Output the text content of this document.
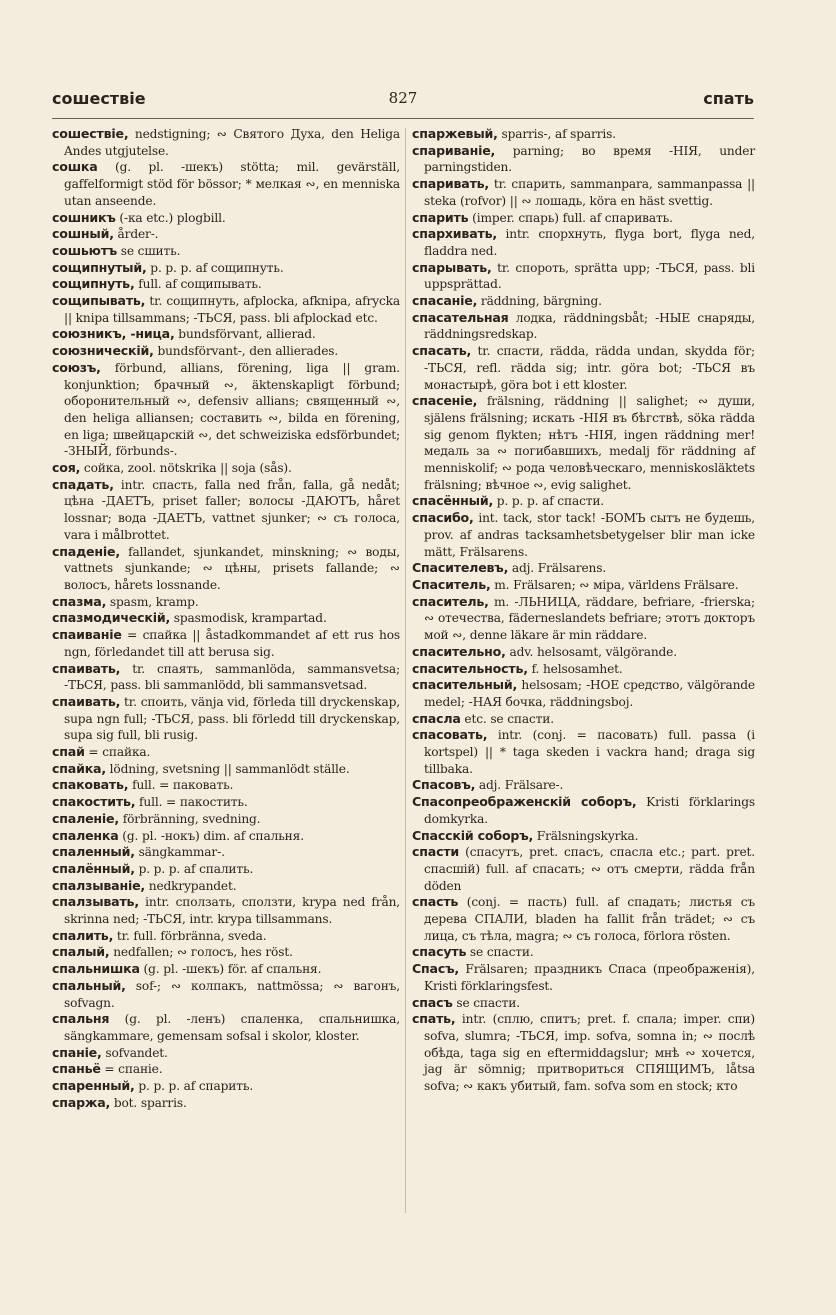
сошествіе	827	спать

сошествіе, nedstigning; ∾ Святого Духа, den Heliga Andes utgjutelse.

сошка (g. pl. -шекъ) stötta; mil. gevärställ, gaffelformigt stöd för bössor; * мелкая ∾, en menniska utan anseende.

сошникъ (-ка etc.) plogbill.

сошный, årder-.

сошьютъ se сшить.

сощипнутый, p. p. p. af сощипнуть.

сощипнуть, full. af сощипывать.

сощипывать, tr. сощипнуть, afplocka, afknipa, afrycka || knipa tillsammans; -ТЬСЯ, pass. bli afplockad etc.

союзникъ, -ница, bundsförvant, allierad.

союзническій, bundsförvant-, den allierades.

союзъ, förbund, allians, förening, liga || gram. konjunktion; брачный ∾, äktenskapligt förbund; оборонительный ∾, defensiv allians; священный ∾, den heliga alliansen; составить ∾, bilda en förening, en liga; швейцарскій ∾, det schweiziska edsförbundet; -ЗНЫЙ, förbunds-.

соя, сойка, zool. nötskrika || soja (sås).

спадать, intr. спасть, falla ned från, falla, gå nedåt; цѣна -ДАЕТЪ, priset faller; волосы -ДАЮТЪ, håret lossnar; вода -ДАЕТЪ, vattnet sjunker; ∾ съ голоса, vara i målbrottet.

спаденіе, fallandet, sjunkandet, minskning; ∾ воды, vattnets sjunkande; ∾ цѣны, prisets fallande; ∾ волосъ, hårets lossnande.

спазма, spasm, kramp.

спазмодическій, spasmodisk, krampartad.

спаиваніе = спайка || åstadkommandet af ett rus hos ngn, förledandet till att berusa sig.

спаивать, tr. спаять, sammanlöda, sammansvetsa; -ТЬСЯ, pass. bli sammanlödd, bli sammansvetsad.

спаивать, tr. споить, vänja vid, förleda till dryckenskap, supa ngn full; -ТЬСЯ, pass. bli förledd till dryckenskap, supa sig full, bli rusig.

спай = спайка.

спайка, lödning, svetsning || sammanlödt ställe.

спаковать, full. = паковать.

спакостить, full. = пакостить.

спаленіе, förbränning, svedning.

спаленка (g. pl. -нокъ) dim. af спальня.

спаленный, sängkammar-.

спалённый, p. p. p. af спалить.

спалзываніе, nedkrypandet.

спалзывать, intr. сползать, сползти, krypa ned från, skrinna ned; -ТЬСЯ, intr. krypa tillsammans.

спалить, tr. full. förbränna, sveda.

спалый, nedfallen; ∾ голосъ, hes röst.

спальнишка (g. pl. -шекъ) för. af спальня.

спальный, sof-; ∾ колпакъ, nattmössa; ∾ вагонъ, sofvagn.

спальня (g. pl. -ленъ) спаленка, спальнишка, sängkammare, gemensam sofsal i skolor, kloster.

спаніе, sofvandet.

спаньё = спаніе.

спаренный, p. p. p. af спарить.

спаржа, bot. sparris.

спаржевый, sparris-, af sparris.

спариваніе, parning; во время -НІЯ, under parningstiden.

спаривать, tr. спарить, sammanpara, sammanpassa || steka (rofvor) || ∾ лошадь, köra en häst svettig.

спарить (imper. спарь) full. af спаривать.

спархивать, intr. спорхнуть, flyga bort, flyga ned, fladdra ned.

спарывать, tr. спороть, sprätta upp; -ТЬСЯ, pass. bli uppsprättad.

спасаніе, räddning, bärgning.

спасательная лодка, räddningsbåt; -НЫЕ снаряды, räddningsredskap.

спасать, tr. спасти, rädda, rädda undan, skydda för; -ТЬСЯ, refl. rädda sig; intr. göra bot; -ТЬСЯ въ монастырѣ, göra bot i ett kloster.

спасеніе, frälsning, räddning || salighet; ∾ души, själens frälsning; искать -НІЯ въ бѣгствѣ, söka rädda sig genom flykten; нѣтъ -НІЯ, ingen räddning mer! медаль за ∾ погибавшихъ, medalj för räddning af menniskolif; ∾ рода человѣческаго, menniskosläktets frälsning; вѣчное ∾, evig salighet.

спасённый, p. p. p. af спасти.

спасибо, int. tack, stor tack! -БОМЪ сытъ не будешь, prov. af andras tacksamhetsbetygelser blir man icke mätt, Frälsarens.

Спасителевъ, adj. Frälsarens.

Спаситель, m. Frälsaren; ∾ міра, världens Frälsare.

спаситель, m. -ЛЬНИЦА, räddare, befriare, -frierska; ∾ отечества, fäderneslandets befriare; этотъ докторъ мой ∾, denne läkare är min räddare.

спасительно, adv. helsosamt, välgörande.

спасительность, f. helsosamhet.

спасительный, helsosam; -НОЕ средство, välgörande medel; -НАЯ бочка, räddningsboj.

спасла etc. se спасти.

спасовать, intr. (conj. = пасовать) full. passa (i kortspel) || * taga skeden i vackra hand; draga sig tillbaka.

Спасовъ, adj. Frälsare-.

Спасопреображенскій соборъ, Kristi förklarings domkyrka.

Спасскій соборъ, Frälsningskyrka.

спасти (спасутъ, pret. спасъ, спасла etc.; part. pret. спасшій) full. af спасать; ∾ отъ смерти, rädda från döden

спасть (conj. = пасть) full. af спадать; листья съ дерева СПАЛИ, bladen ha fallit från trädet; ∾ съ лица, съ тѣла, magra; ∾ съ голоса, förlora rösten.

спасуть se спасти.

Спасъ, Frälsaren; праздникъ Спаса (преображенія), Kristi förklaringsfest.

спасъ se спасти.

спать, intr. (сплю, спитъ; pret. f. спала; imper. спи) sofva, slumra; -ТЬСЯ, imp. sofva, somna in; ∾ послѣ обѣда, taga sig en eftermiddagslur; мнѣ ∾ хочется, jag är sömnig; притвориться СПЯЩИМЪ, låtsa sofva; ∾ какъ убитый, fam. sofva som en stock; кто
